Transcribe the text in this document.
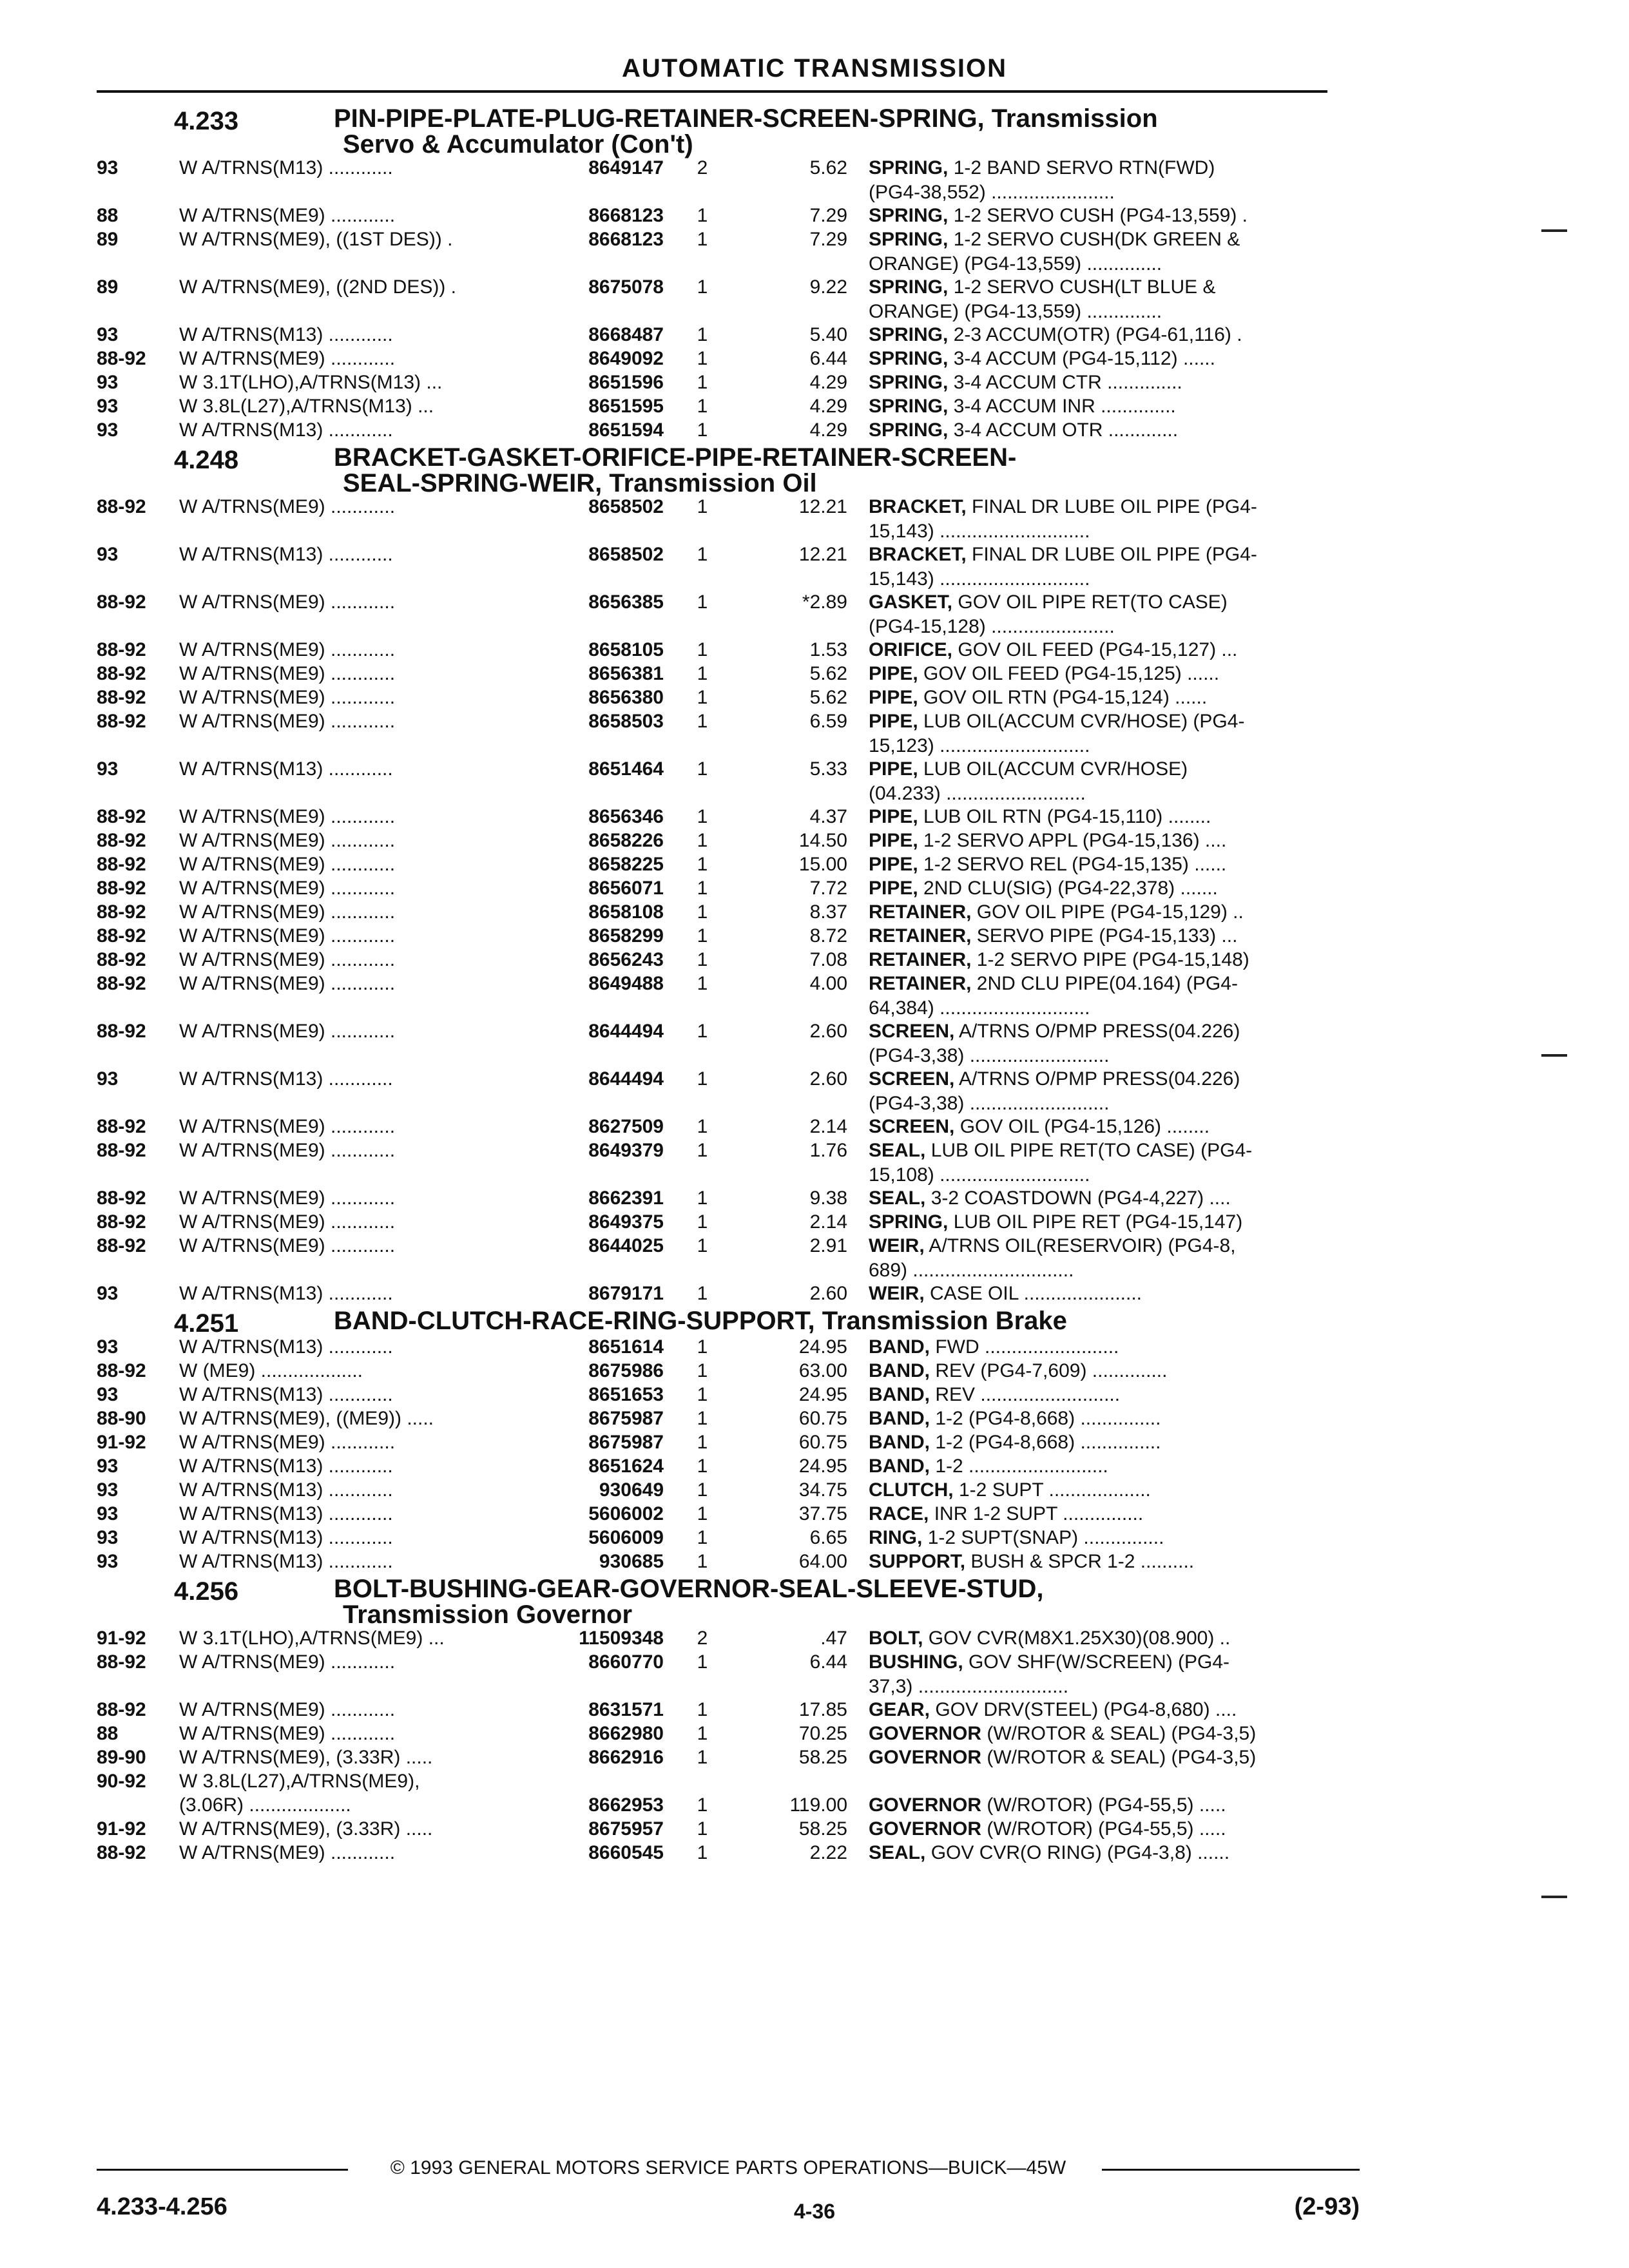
AUTOMATIC TRANSMISSION
4.233	PIN-PIPE-PLATE-PLUG-RETAINER-SCREEN-SPRING, Transmission
Servo & Accumulator (Con't)
93	W A/TRNS(M13) ............	8649147	2	5.62 SPRING, 1-2 BAND SERVO RTN(FWD)
(PG4-38,552) .......................
88	W A/TRNS(ME9) ............	8668123	1	7.29 SPRING, 1-2 SERVO CUSH (PG4-13,559) .
89	W A/TRNS(ME9), ((1ST DES)) .	8668123	1	7.29 SPRING, 1-2 SERVO CUSH(DK GREEN &
ORANGE) (PG4-13,559) ..............
89	W A/TRNS(ME9), ((2ND DES)) .	8675078	1	9.22 SPRING, 1-2 SERVO CUSH(LT BLUE &
ORANGE) (PG4-13,559) ..............
93	W A/TRNS(M13) ............	8668487	1	5.40 SPRING, 2-3 ACCUM(OTR) (PG4-61,116) .
88-92	W A/TRNS(ME9) ............	8649092	1	6.44 SPRING, 3-4 ACCUM (PG4-15,112) ......
93	W 3.1T(LHO),A/TRNS(M13) ...	8651596	1	4.29 SPRING, 3-4 ACCUM CTR ..............
93	W 3.8L(L27),A/TRNS(M13) ...	8651595	1	4.29 SPRING, 3-4 ACCUM INR ..............
93	W A/TRNS(M13) ............	8651594	1	4.29 SPRING, 3-4 ACCUM OTR .............
4.248	BRACKET-GASKET-ORIFICE-PIPE-RETAINER-SCREEN-
SEAL-SPRING-WEIR, Transmission Oil
88-92	W A/TRNS(ME9) ............	8658502	1	12.21 BRACKET, FINAL DR LUBE OIL PIPE (PG4-
15,143) ............................
93	W A/TRNS(M13) ............	8658502	1	12.21 BRACKET, FINAL DR LUBE OIL PIPE (PG4-
15,143) ............................
88-92	W A/TRNS(ME9) ............	8656385	1	*2.89 GASKET, GOV OIL PIPE RET(TO CASE)
(PG4-15,128) .......................
88-92	W A/TRNS(ME9) ............	8658105	1	1.53 ORIFICE, GOV OIL FEED (PG4-15,127) ...
88-92	W A/TRNS(ME9) ............	8656381	1	5.62 PIPE, GOV OIL FEED (PG4-15,125) ......
88-92	W A/TRNS(ME9) ............	8656380	1	5.62 PIPE, GOV OIL RTN (PG4-15,124) ......
88-92	W A/TRNS(ME9) ............	8658503	1	6.59 PIPE, LUB OIL(ACCUM CVR/HOSE) (PG4-
15,123) ............................
93	W A/TRNS(M13) ............	8651464	1	5.33 PIPE, LUB OIL(ACCUM CVR/HOSE)
(04.233) ..........................
88-92	W A/TRNS(ME9) ............	8656346	1	4.37 PIPE, LUB OIL RTN (PG4-15,110) ........
88-92	W A/TRNS(ME9) ............	8658226	1	14.50 PIPE, 1-2 SERVO APPL (PG4-15,136) ....
88-92	W A/TRNS(ME9) ............	8658225	1	15.00 PIPE, 1-2 SERVO REL (PG4-15,135) ......
88-92	W A/TRNS(ME9) ............	8656071	1	7.72 PIPE, 2ND CLU(SIG) (PG4-22,378) .......
88-92	W A/TRNS(ME9) ............	8658108	1	8.37 RETAINER, GOV OIL PIPE (PG4-15,129) ..
88-92	W A/TRNS(ME9) ............	8658299	1	8.72 RETAINER, SERVO PIPE (PG4-15,133) ...
88-92	W A/TRNS(ME9) ............	8656243	1	7.08 RETAINER, 1-2 SERVO PIPE (PG4-15,148)
88-92	W A/TRNS(ME9) ............	8649488	1	4.00 RETAINER, 2ND CLU PIPE(04.164) (PG4-
64,384) ............................
88-92	W A/TRNS(ME9) ............	8644494	1	2.60 SCREEN, A/TRNS O/PMP PRESS(04.226)
(PG4-3,38) ..........................
93	W A/TRNS(M13) ............	8644494	1	2.60 SCREEN, A/TRNS O/PMP PRESS(04.226)
(PG4-3,38) ..........................
88-92	W A/TRNS(ME9) ............	8627509	1	2.14 SCREEN, GOV OIL (PG4-15,126) ........
88-92	W A/TRNS(ME9) ............	8649379	1	1.76 SEAL, LUB OIL PIPE RET(TO CASE) (PG4-
15,108) ............................
88-92	W A/TRNS(ME9) ............	8662391	1	9.38 SEAL, 3-2 COASTDOWN (PG4-4,227) ....
88-92	W A/TRNS(ME9) ............	8649375	1	2.14 SPRING, LUB OIL PIPE RET (PG4-15,147)
88-92	W A/TRNS(ME9) ............	8644025	1	2.91 WEIR, A/TRNS OIL(RESERVOIR) (PG4-8,
689) ..............................
93	W A/TRNS(M13) ............	8679171	1	2.60 WEIR, CASE OIL ......................
4.251	BAND-CLUTCH-RACE-RING-SUPPORT, Transmission Brake
93	W A/TRNS(M13) ............	8651614	1	24.95 BAND, FWD .........................
88-92	W (ME9) ...................	8675986	1	63.00 BAND, REV (PG4-7,609) ..............
93	W A/TRNS(M13) ............	8651653	1	24.95 BAND, REV ..........................
88-90	W A/TRNS(ME9), ((ME9)) .....	8675987	1	60.75 BAND, 1-2 (PG4-8,668) ...............
91-92	W A/TRNS(ME9) ............	8675987	1	60.75 BAND, 1-2 (PG4-8,668) ...............
93	W A/TRNS(M13) ............	8651624	1	24.95 BAND, 1-2 ..........................
93	W A/TRNS(M13) ............	930649	1	34.75 CLUTCH, 1-2 SUPT ...................
93	W A/TRNS(M13) ............	5606002	1	37.75 RACE, INR 1-2 SUPT ...............
93	W A/TRNS(M13) ............	5606009	1	6.65 RING, 1-2 SUPT(SNAP) ...............
93	W A/TRNS(M13) ............	930685	1	64.00 SUPPORT, BUSH & SPCR 1-2 ..........
4.256	BOLT-BUSHING-GEAR-GOVERNOR-SEAL-SLEEVE-STUD,
Transmission Governor
91-92	W 3.1T(LHO),A/TRNS(ME9) ...	11509348	2	.47 BOLT, GOV CVR(M8X1.25X30)(08.900) ..
88-92	W A/TRNS(ME9) ............	8660770	1	6.44 BUSHING, GOV SHF(W/SCREEN) (PG4-
37,3) ............................
88-92	W A/TRNS(ME9) ............	8631571	1	17.85 GEAR, GOV DRV(STEEL) (PG4-8,680) ....
88	W A/TRNS(ME9) ............	8662980	1	70.25 GOVERNOR (W/ROTOR & SEAL) (PG4-3,5)
89-90	W A/TRNS(ME9), (3.33R) .....	8662916	1	58.25 GOVERNOR (W/ROTOR & SEAL) (PG4-3,5)
90-92	W 3.8L(L27),A/TRNS(ME9),
(3.06R) ...................	8662953	1	119.00 GOVERNOR (W/ROTOR) (PG4-55,5) .....
91-92	W A/TRNS(ME9), (3.33R) .....	8675957	1	58.25 GOVERNOR (W/ROTOR) (PG4-55,5) .....
88-92	W A/TRNS(ME9) ............	8660545	1	2.22 SEAL, GOV CVR(O RING) (PG4-3,8) ......
© 1993 GENERAL MOTORS SERVICE PARTS OPERATIONS—BUICK—45W
4.233-4.256	4-36	(2-93)
